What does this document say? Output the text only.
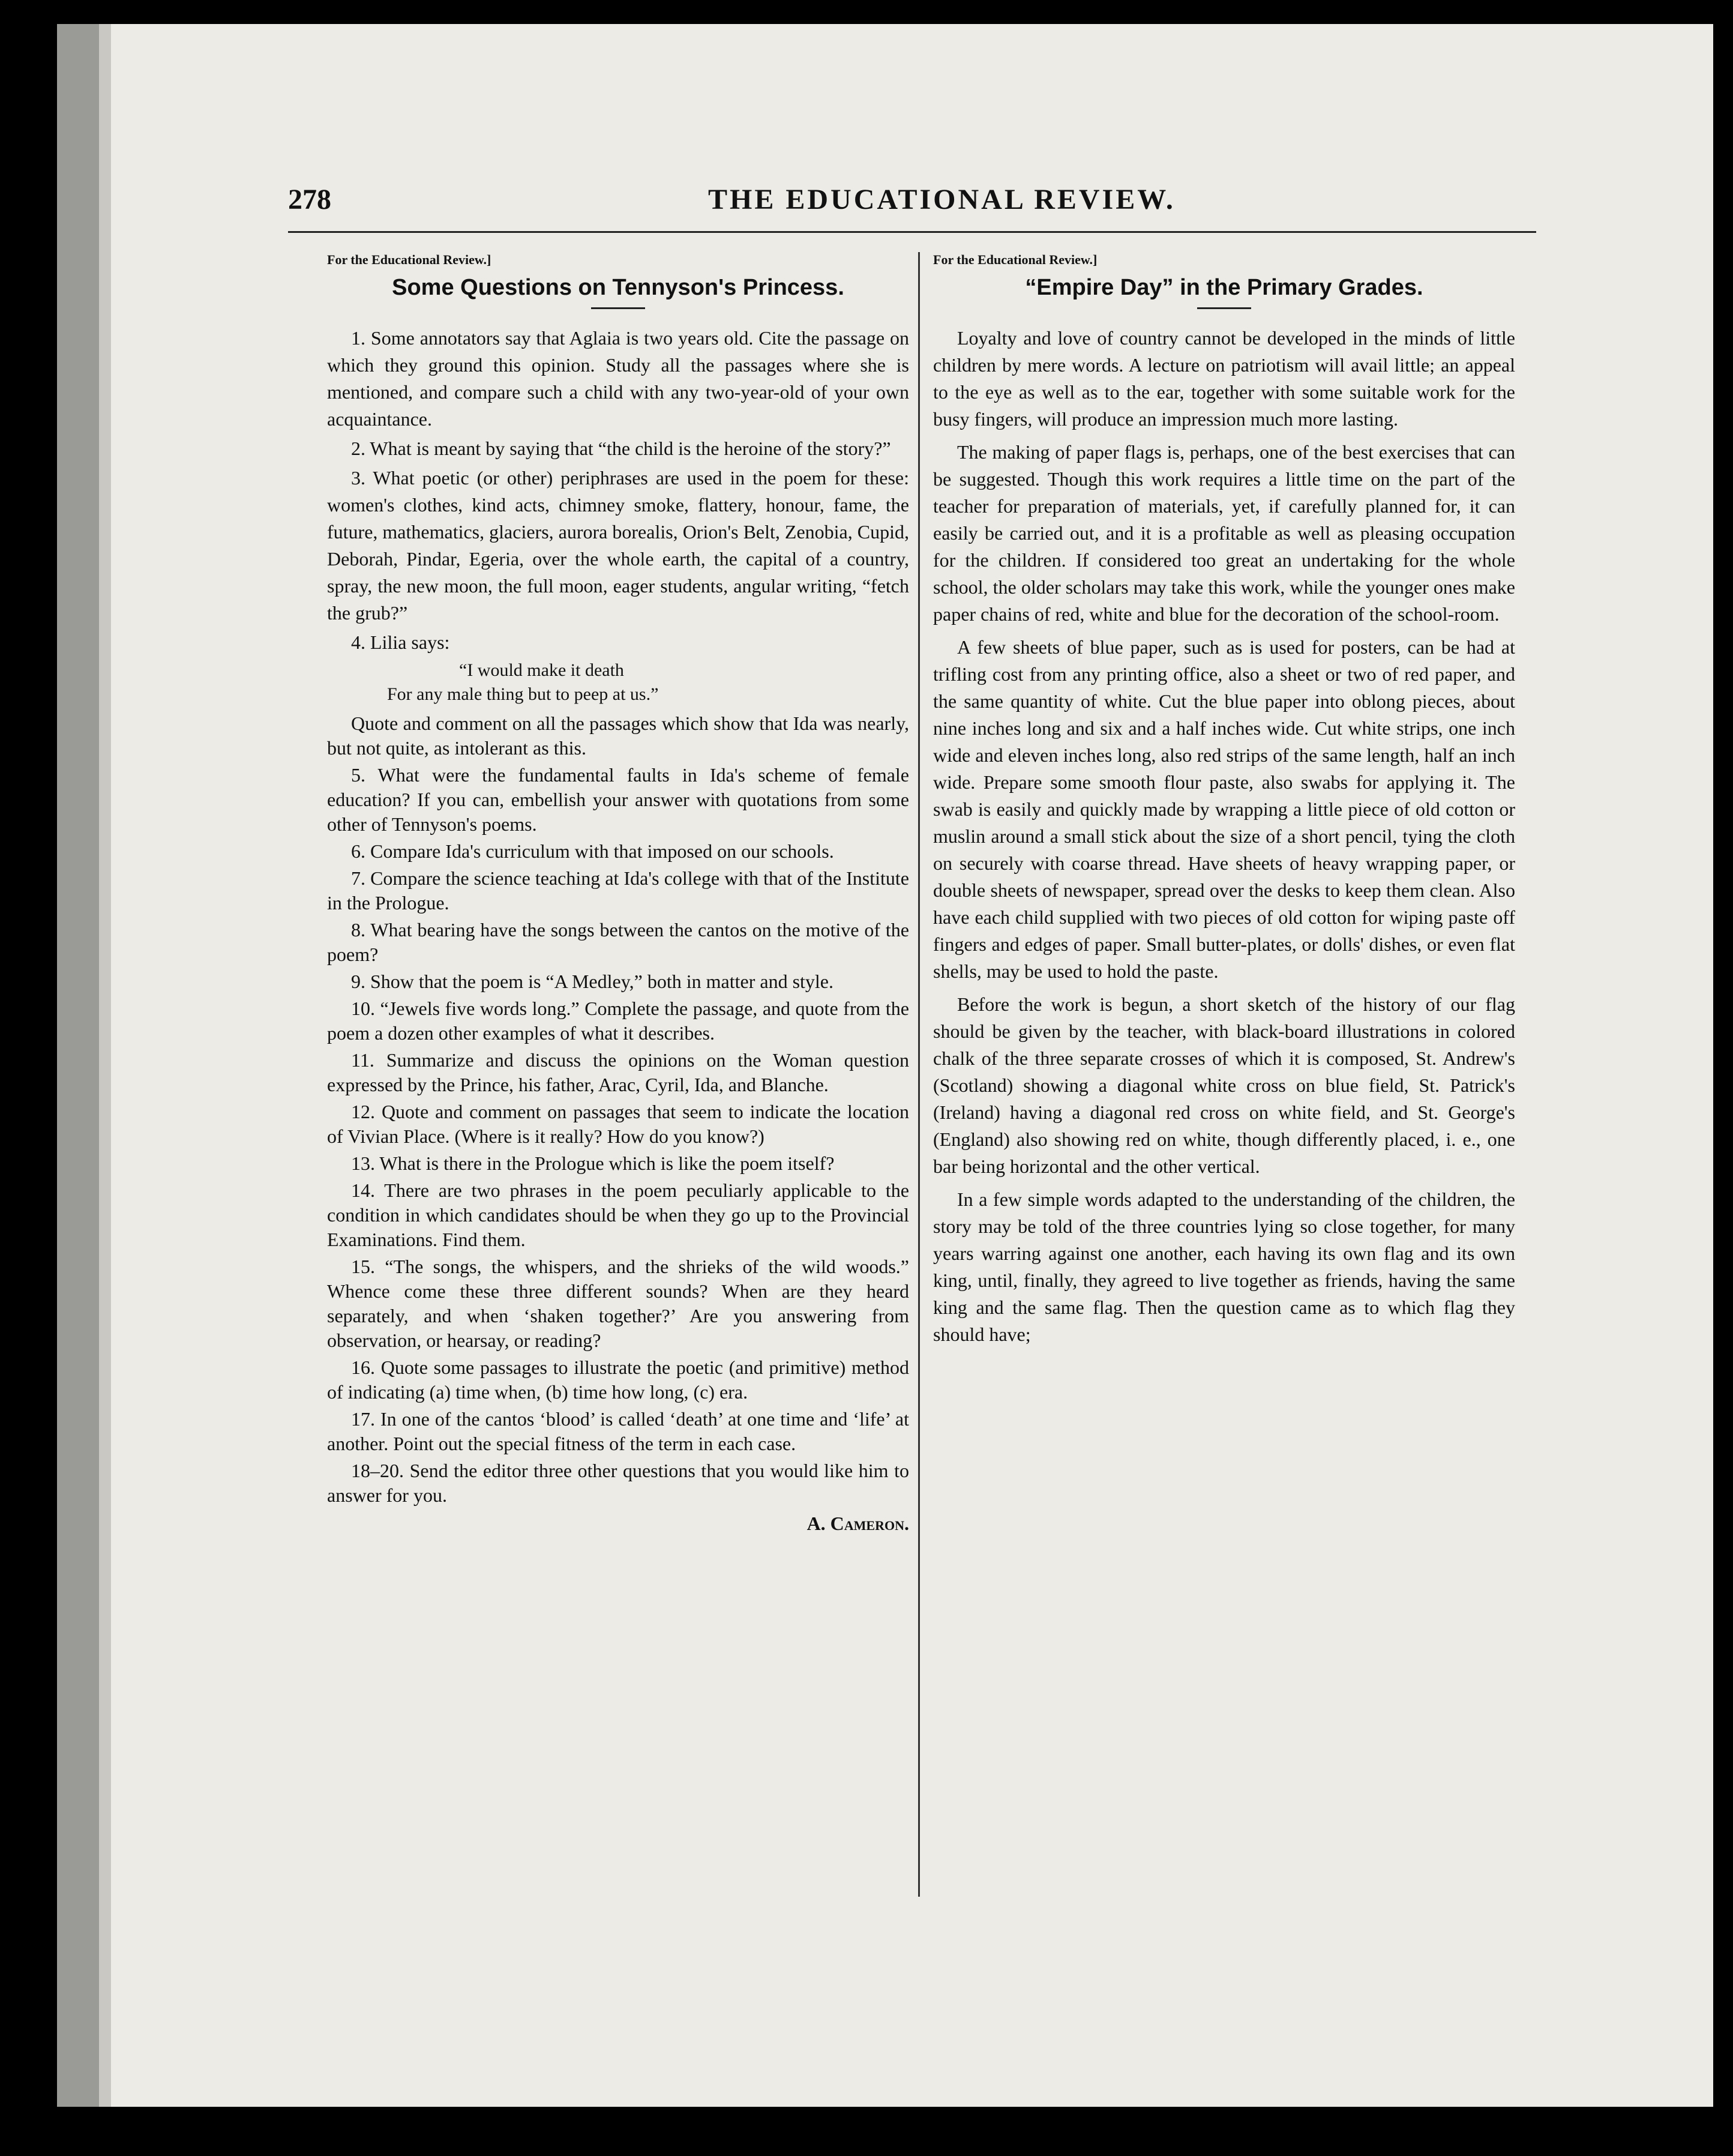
278	THE EDUCATIONAL REVIEW.
For the Educational Review.]
Some Questions on Tennyson's Princess.

1. Some annotators say that Aglaia is two years old. Cite the passage on which they ground this opinion. Study all the passages where she is mentioned, and compare such a child with any two-year-old of your own acquaintance.

2. What is meant by saying that “the child is the heroine of the story?”

3. What poetic (or other) periphrases are used in the poem for these: women's clothes, kind acts, chimney smoke, flattery, honour, fame, the future, mathematics, glaciers, aurora borealis, Orion's Belt, Zenobia, Cupid, Deborah, Pindar, Egeria, over the whole earth, the capital of a country, spray, the new moon, the full moon, eager students, angular writing, “fetch the grub?”

4. Lilia says:

“I would make it death
For any male thing but to peep at us.”

Quote and comment on all the passages which show that Ida was nearly, but not quite, as intolerant as this.

5. What were the fundamental faults in Ida's scheme of female education? If you can, embellish your answer with quotations from some other of Tennyson's poems.

6. Compare Ida's curriculum with that imposed on our schools.

7. Compare the science teaching at Ida's college with that of the Institute in the Prologue.

8. What bearing have the songs between the cantos on the motive of the poem?

9. Show that the poem is “A Medley,” both in matter and style.

10. “Jewels five words long.” Complete the passage, and quote from the poem a dozen other examples of what it describes.

11. Summarize and discuss the opinions on the Woman question expressed by the Prince, his father, Arac, Cyril, Ida, and Blanche.

12. Quote and comment on passages that seem to indicate the location of Vivian Place. (Where is it really? How do you know?)

13. What is there in the Prologue which is like the poem itself?

14. There are two phrases in the poem peculiarly applicable to the condition in which candidates should be when they go up to the Provincial Examinations. Find them.

15. “The songs, the whispers, and the shrieks of the wild woods.” Whence come these three different sounds? When are they heard separately, and when ‘shaken together?’ Are you answering from observation, or hearsay, or reading?

16. Quote some passages to illustrate the poetic (and primitive) method of indicating (a) time when, (b) time how long, (c) era.

17. In one of the cantos ‘blood’ is called ‘death’ at one time and ‘life’ at another. Point out the special fitness of the term in each case.

18–20. Send the editor three other questions that you would like him to answer for you.

A. Cameron.
For the Educational Review.]
“Empire Day” in the Primary Grades.

Loyalty and love of country cannot be developed in the minds of little children by mere words. A lecture on patriotism will avail little; an appeal to the eye as well as to the ear, together with some suitable work for the busy fingers, will produce an impression much more lasting.

The making of paper flags is, perhaps, one of the best exercises that can be suggested. Though this work requires a little time on the part of the teacher for preparation of materials, yet, if carefully planned for, it can easily be carried out, and it is a profitable as well as pleasing occupation for the children. If considered too great an undertaking for the whole school, the older scholars may take this work, while the younger ones make paper chains of red, white and blue for the decoration of the school-room.

A few sheets of blue paper, such as is used for posters, can be had at trifling cost from any printing office, also a sheet or two of red paper, and the same quantity of white. Cut the blue paper into oblong pieces, about nine inches long and six and a half inches wide. Cut white strips, one inch wide and eleven inches long, also red strips of the same length, half an inch wide. Prepare some smooth flour paste, also swabs for applying it. The swab is easily and quickly made by wrapping a little piece of old cotton or muslin around a small stick about the size of a short pencil, tying the cloth on securely with coarse thread. Have sheets of heavy wrapping paper, or double sheets of newspaper, spread over the desks to keep them clean. Also have each child supplied with two pieces of old cotton for wiping paste off fingers and edges of paper. Small butter-plates, or dolls' dishes, or even flat shells, may be used to hold the paste.

Before the work is begun, a short sketch of the history of our flag should be given by the teacher, with black-board illustrations in colored chalk of the three separate crosses of which it is composed, St. Andrew's (Scotland) showing a diagonal white cross on blue field, St. Patrick's (Ireland) having a diagonal red cross on white field, and St. George's (England) also showing red on white, though differently placed, i. e., one bar being horizontal and the other vertical.

In a few simple words adapted to the understanding of the children, the story may be told of the three countries lying so close together, for many years warring against one another, each having its own flag and its own king, until, finally, they agreed to live together as friends, having the same king and the same flag. Then the question came as to which flag they should have;
